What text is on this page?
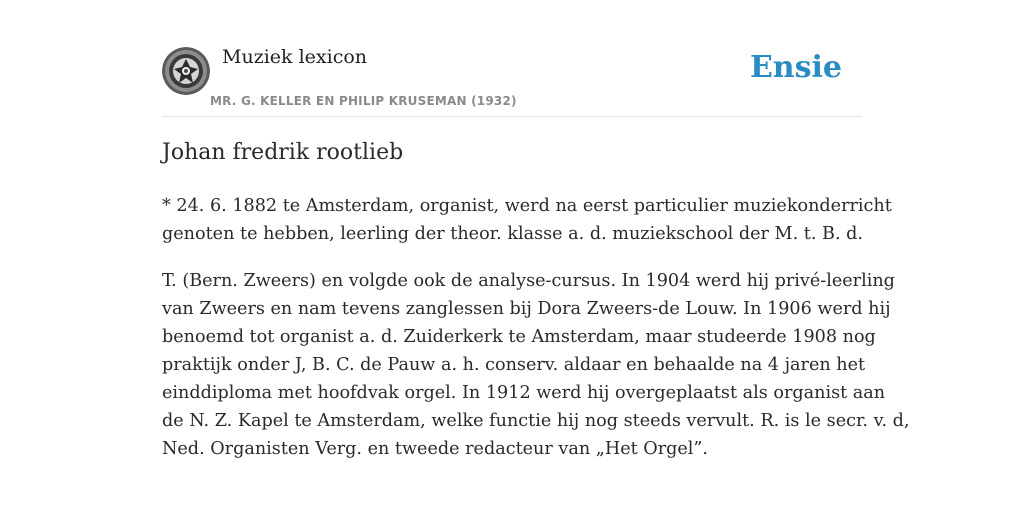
Muziek lexicon
MR. G. KELLER EN PHILIP KRUSEMAN (1932)
Ensie
Johan fredrik rootlieb
* 24. 6. 1882 te Amsterdam, organist, werd na eerst particulier muziekonderricht
genoten te hebben, leerling der theor. klasse a. d. muziekschool der M. t. B. d.
T. (Bern. Zweers) en volgde ook de analyse-cursus. In 1904 werd hij privé-leerling
van Zweers en nam tevens zanglessen bij Dora Zweers-de Louw. In 1906 werd hij
benoemd tot organist a. d. Zuiderkerk te Amsterdam, maar studeerde 1908 nog
praktijk onder J, B. C. de Pauw a. h. conserv. aldaar en behaalde na 4 jaren het
einddiploma met hoofdvak orgel. In 1912 werd hij overgeplaatst als organist aan
de N. Z. Kapel te Amsterdam, welke functie hij nog steeds vervult. R. is le secr. v. d,
Ned. Organisten Verg. en tweede redacteur van „Het Orgel”.
